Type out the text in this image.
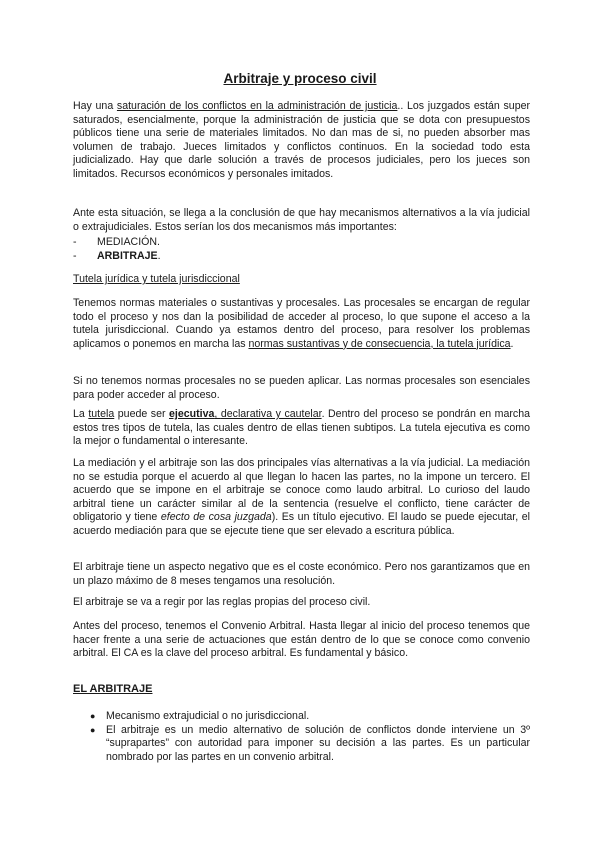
Arbitraje y proceso civil

Hay una saturación de los conflictos en la administración de justicia.. Los juzgados están super saturados, esencialmente, porque la administración de justicia que se dota con presupuestos públicos tiene una serie de materiales limitados. No dan mas de si, no pueden absorber mas volumen de trabajo. Jueces limitados y conflictos continuos. En la sociedad todo esta judicializado. Hay que darle solución a través de procesos judiciales, pero los jueces son limitados. Recursos económicos y personales imitados.

Ante esta situación, se llega a la conclusión de que hay mecanismos alternativos a la vía judicial o extrajudiciales. Estos serían los dos mecanismos más importantes:

- MEDIACIÓN.
- ARBITRAJE.
Tutela jurídica y tutela jurisdiccional

Tenemos normas materiales o sustantivas y procesales. Las procesales se encargan de regular todo el proceso y nos dan la posibilidad de acceder al proceso, lo que supone el acceso a la tutela jurisdiccional. Cuando ya estamos dentro del proceso, para resolver los problemas aplicamos o ponemos en marcha las normas sustantivas y de consecuencia, la tutela jurídica.

Si no tenemos normas procesales no se pueden aplicar. Las normas procesales son esenciales para poder acceder al proceso.

La tutela puede ser ejecutiva, declarativa y cautelar. Dentro del proceso se pondrán en marcha estos tres tipos de tutela, las cuales dentro de ellas tienen subtipos. La tutela ejecutiva es como la mejor o fundamental o interesante.

La mediación y el arbitraje son las dos principales vías alternativas a la vía judicial. La mediación no se estudia porque el acuerdo al que llegan lo hacen las partes, no la impone un tercero. El acuerdo que se impone en el arbitraje se conoce como laudo arbitral. Lo curioso del laudo arbitral tiene un carácter similar al de la sentencia (resuelve el conflicto, tiene carácter de obligatorio y tiene efecto de cosa juzgada). Es un título ejecutivo. El laudo se puede ejecutar, el acuerdo mediación para que se ejecute tiene que ser elevado a escritura pública.

El arbitraje tiene un aspecto negativo que es el coste económico. Pero nos garantizamos que en un plazo máximo de 8 meses tengamos una resolución.

El arbitraje se va a regir por las reglas propias del proceso civil.

Antes del proceso, tenemos el Convenio Arbitral. Hasta llegar al inicio del proceso tenemos que hacer frente a una serie de actuaciones que están dentro de lo que se conoce como convenio arbitral. El CA es la clave del proceso arbitral. Es fundamental y básico.

EL ARBITRAJE
● Mecanismo extrajudicial o no jurisdiccional.
● El arbitraje es un medio alternativo de solución de conflictos donde interviene un 3º “suprapartes” con autoridad para imponer su decisión a las partes. Es un particular nombrado por las partes en un convenio arbitral.
